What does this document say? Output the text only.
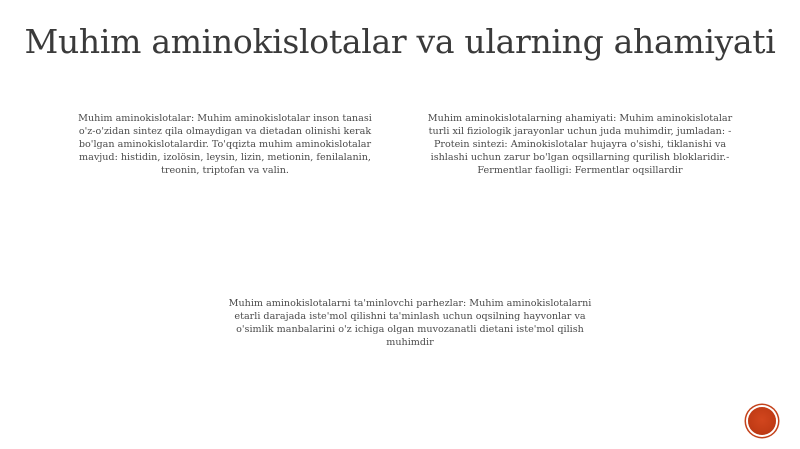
Muhim aminokislotalar va ularning ahamiyati
Muhim aminokislotalar: Muhim aminokislotalar inson tanasi o'z-o'zidan sintez qila olmaydigan va dietadan olinishi kerak bo'lgan aminokislotalardir. To'qqizta muhim aminokislotalar mavjud: histidin, izolösin, leysin, lizin, metionin, fenilalanin, treonin, triptofan va valin.
Muhim aminokislotalarning ahamiyati: Muhim aminokislotalar turli xil fiziologik jarayonlar uchun juda muhimdir, jumladan: - Protein sintezi: Aminokislotalar hujayra o'sishi, tiklanishi va ishlashi uchun zarur bo'lgan oqsillarning qurilish bloklaridir.- Fermentlar faolligi: Fermentlar oqsillardir
Muhim aminokislotalarni ta'minlovchi parhezlar: Muhim aminokislotalarni etarli darajada iste'mol qilishni ta'minlash uchun oqsilning hayvonlar va o'simlik manbalarini o'z ichiga olgan muvozanatli dietani iste'mol qilish muhimdir
